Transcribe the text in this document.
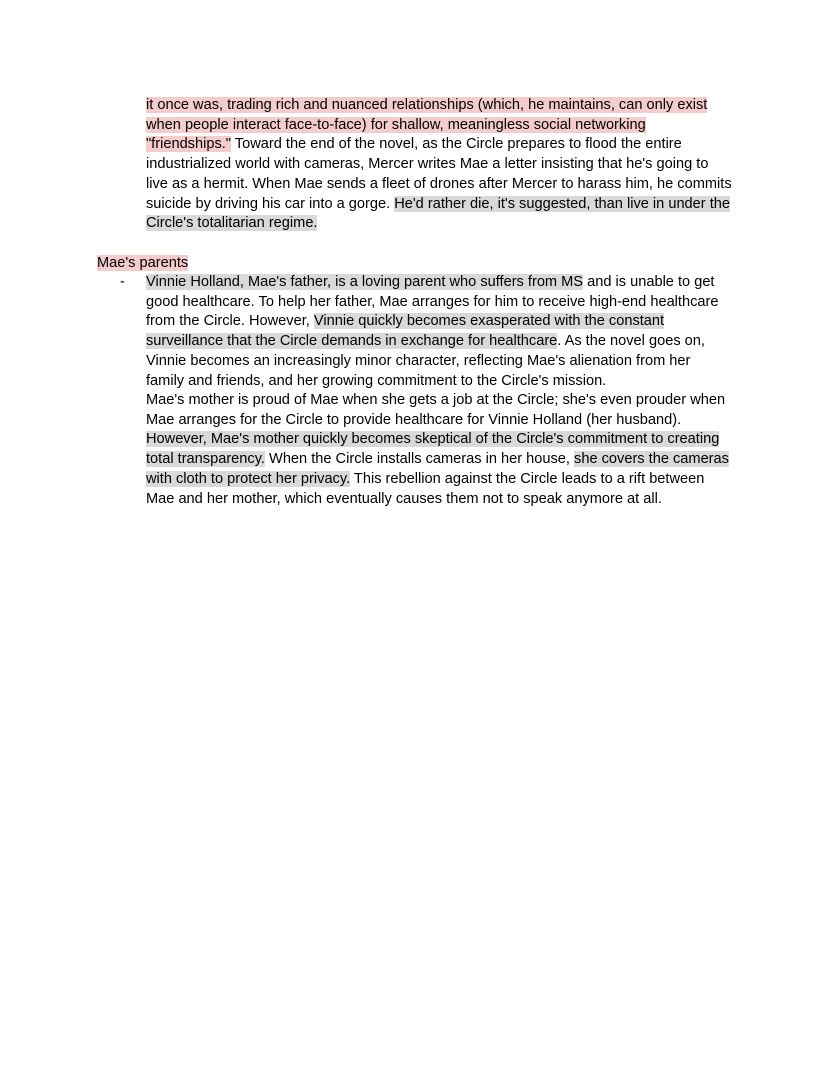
it once was, trading rich and nuanced relationships (which, he maintains, can only exist when people interact face-to-face) for shallow, meaningless social networking "friendships." Toward the end of the novel, as the Circle prepares to flood the entire industrialized world with cameras, Mercer writes Mae a letter insisting that he's going to live as a hermit. When Mae sends a fleet of drones after Mercer to harass him, he commits suicide by driving his car into a gorge. He'd rather die, it's suggested, than live in under the Circle's totalitarian regime.

Mae's parents

- Vinnie Holland, Mae's father, is a loving parent who suffers from MS and is unable to get good healthcare. To help her father, Mae arranges for him to receive high-end healthcare from the Circle. However, Vinnie quickly becomes exasperated with the constant surveillance that the Circle demands in exchange for healthcare. As the novel goes on, Vinnie becomes an increasingly minor character, reflecting Mae's alienation from her family and friends, and her growing commitment to the Circle's mission.

Mae's mother is proud of Mae when she gets a job at the Circle; she's even prouder when Mae arranges for the Circle to provide healthcare for Vinnie Holland (her husband). However, Mae's mother quickly becomes skeptical of the Circle's commitment to creating total transparency. When the Circle installs cameras in her house, she covers the cameras with cloth to protect her privacy. This rebellion against the Circle leads to a rift between Mae and her mother, which eventually causes them not to speak anymore at all.
